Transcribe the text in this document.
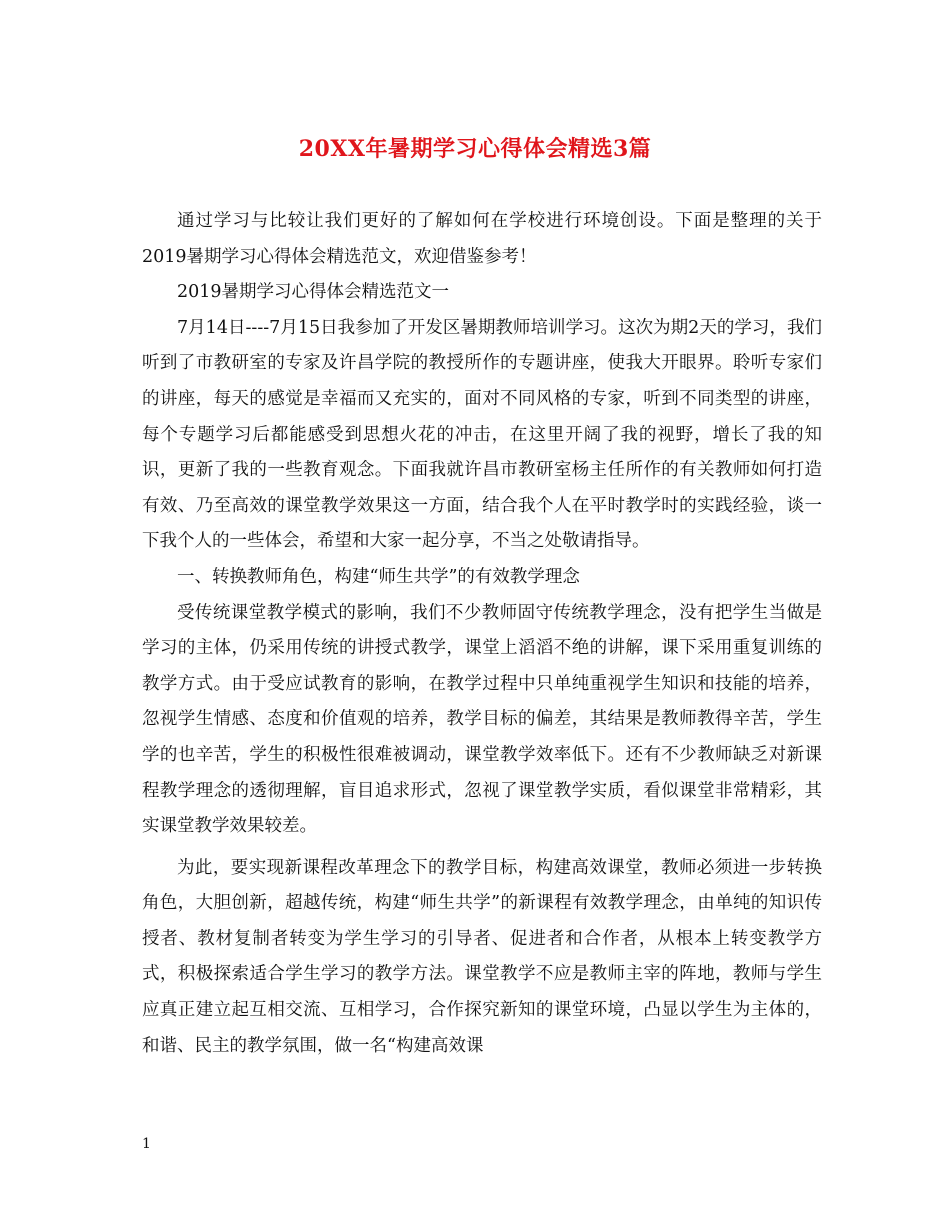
20XX年暑期学习心得体会精选3篇

通过学习与比较让我们更好的了解如何在学校进行环境创设。下面是整理的关于2019暑期学习心得体会精选范文，欢迎借鉴参考！

2019暑期学习心得体会精选范文一

7月14日----7月15日我参加了开发区暑期教师培训学习。这次为期2天的学习，我们听到了市教研室的专家及许昌学院的教授所作的专题讲座，使我大开眼界。聆听专家们的讲座，每天的感觉是幸福而又充实的，面对不同风格的专家，听到不同类型的讲座，每个专题学习后都能感受到思想火花的冲击，在这里开阔了我的视野，增长了我的知识，更新了我的一些教育观念。下面我就许昌市教研室杨主任所作的有关教师如何打造有效、乃至高效的课堂教学效果这一方面，结合我个人在平时教学时的实践经验，谈一下我个人的一些体会，希望和大家一起分享，不当之处敬请指导。

一、转换教师角色，构建“师生共学”的有效教学理念

受传统课堂教学模式的影响，我们不少教师固守传统教学理念，没有把学生当做是学习的主体，仍采用传统的讲授式教学，课堂上滔滔不绝的讲解，课下采用重复训练的教学方式。由于受应试教育的影响，在教学过程中只单纯重视学生知识和技能的培养，忽视学生情感、态度和价值观的培养，教学目标的偏差，其结果是教师教得辛苦，学生学的也辛苦，学生的积极性很难被调动，课堂教学效率低下。还有不少教师缺乏对新课程教学理念的透彻理解，盲目追求形式，忽视了课堂教学实质，看似课堂非常精彩，其实课堂教学效果较差。

为此，要实现新课程改革理念下的教学目标，构建高效课堂，教师必须进一步转换角色，大胆创新，超越传统，构建“师生共学”的新课程有效教学理念，由单纯的知识传授者、教材复制者转变为学生学习的引导者、促进者和合作者，从根本上转变教学方式，积极探索适合学生学习的教学方法。课堂教学不应是教师主宰的阵地，教师与学生应真正建立起互相交流、互相学习，合作探究新知的课堂环境，凸显以学生为主体的，和谐、民主的教学氛围，做一名“构建高效课

1
